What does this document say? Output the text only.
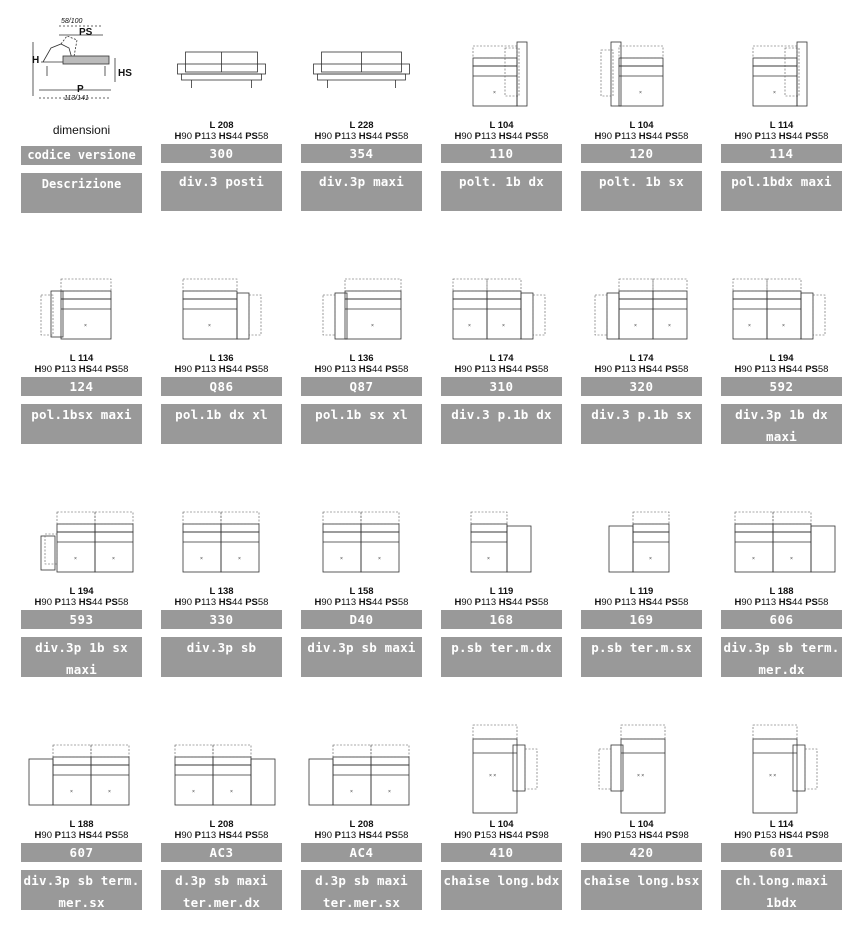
58/100
PS
H
HS
P
113/141
dimensioni
codice versione
Descrizione
L 208
H90 P113 HS44 PS58
300
div.3 posti
L 228
H90 P113 HS44 PS58
354
div.3p maxi
×
L 104
H90 P113 HS44 PS58
110
polt. 1b dx
×
L 104
H90 P113 HS44 PS58
120
polt. 1b sx
×
L 114
H90 P113 HS44 PS58
114
pol.1bdx maxi
×
L 114
H90 P113 HS44 PS58
124
pol.1bsx maxi
×
L 136
H90 P113 HS44 PS58
Q86
pol.1b dx xl
×
L 136
H90 P113 HS44 PS58
Q87
pol.1b sx xl
×	×
L 174
H90 P113 HS44 PS58
310
div.3 p.1b dx
×	×
L 174
H90 P113 HS44 PS58
320
div.3 p.1b sx
×	×
L 194
H90 P113 HS44 PS58
592
div.3p 1b dx maxi
×	×
L 194
H90 P113 HS44 PS58
593
div.3p 1b sx maxi
×	×
L 138
H90 P113 HS44 PS58
330
div.3p sb
×	×
L 158
H90 P113 HS44 PS58
D40
div.3p sb maxi
×
L 119
H90 P113 HS44 PS58
168
p.sb ter.m.dx
×
L 119
H90 P113 HS44 PS58
169
p.sb ter.m.sx
×	×
L 188
H90 P113 HS44 PS58
606
div.3p sb term. mer.dx
×	×
L 188
H90 P113 HS44 PS58
607
div.3p sb term. mer.sx
×	×
L 208
H90 P113 HS44 PS58
AC3
d.3p sb maxi ter.mer.dx
×	×
L 208
H90 P113 HS44 PS58
AC4
d.3p sb maxi ter.mer.sx
× ×
L 104
H90 P153 HS44 PS98
410
chaise long.bdx
× ×
L 104
H90 P153 HS44 PS98
420
chaise long.bsx
× ×
L 114
H90 P153 HS44 PS98
601
ch.long.maxi 1bdx
